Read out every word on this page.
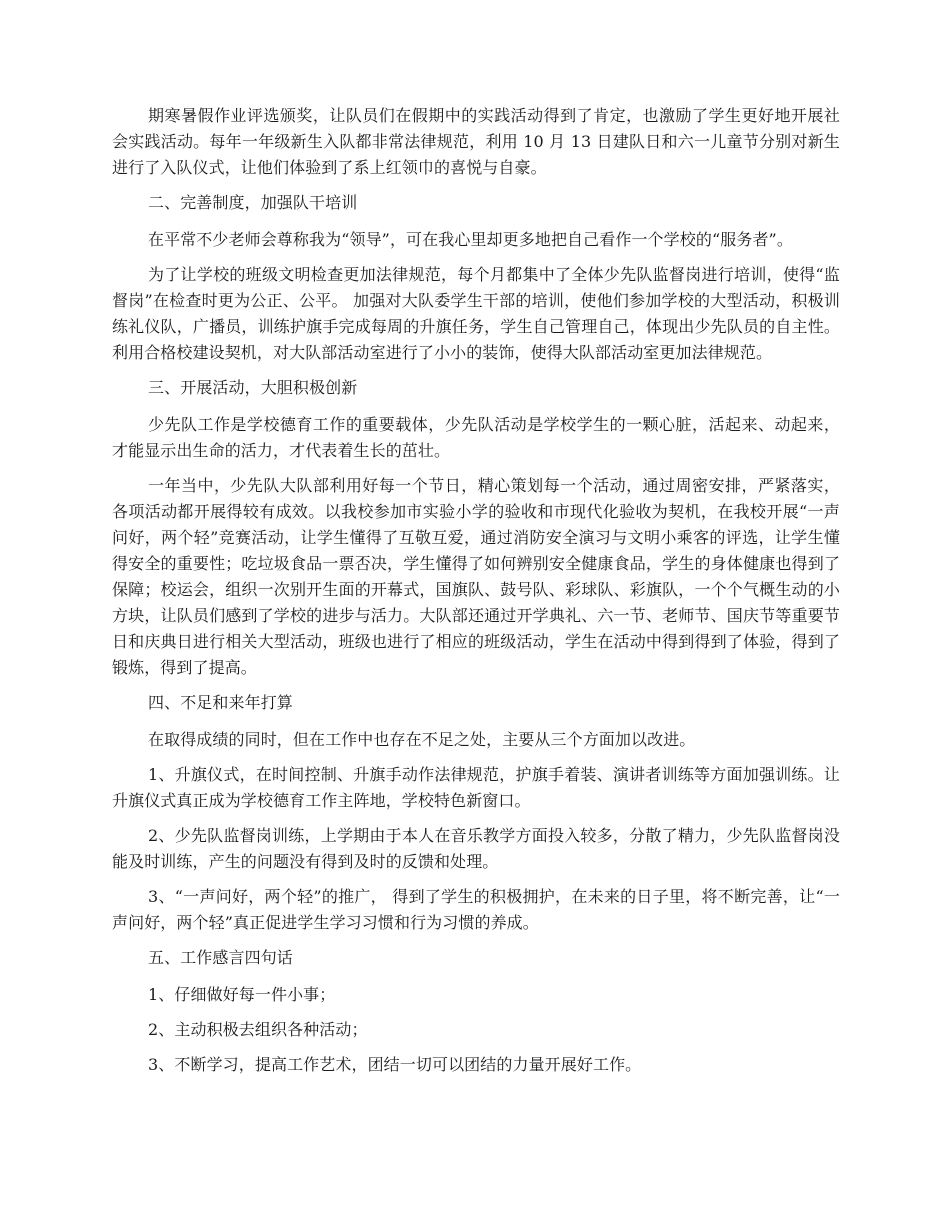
期寒暑假作业评选颁奖，让队员们在假期中的实践活动得到了肯定，也激励了学生更好地开展社会实践活动。每年一年级新生入队都非常法律规范，利用 10 月 13 日建队日和六一儿童节分别对新生进行了入队仪式，让他们体验到了系上红领巾的喜悦与自豪。

二、完善制度，加强队干培训

在平常不少老师会尊称我为“领导”，可在我心里却更多地把自己看作一个学校的“服务者”。

为了让学校的班级文明检查更加法律规范，每个月都集中了全体少先队监督岗进行培训，使得“监督岗”在检查时更为公正、公平。 加强对大队委学生干部的培训，使他们参加学校的大型活动，积极训练礼仪队，广播员，训练护旗手完成每周的升旗任务，学生自己管理自己，体现出少先队员的自主性。利用合格校建设契机，对大队部活动室进行了小小的装饰，使得大队部活动室更加法律规范。

三、开展活动，大胆积极创新

少先队工作是学校德育工作的重要载体，少先队活动是学校学生的一颗心脏，活起来、动起来，才能显示出生命的活力，才代表着生长的茁壮。

一年当中，少先队大队部利用好每一个节日，精心策划每一个活动，通过周密安排，严紧落实，各项活动都开展得较有成效。以我校参加市实验小学的验收和市现代化验收为契机，在我校开展“一声问好，两个轻”竞赛活动，让学生懂得了互敬互爱，通过消防安全演习与文明小乘客的评选，让学生懂得安全的重要性；吃垃圾食品一票否决，学生懂得了如何辨别安全健康食品，学生的身体健康也得到了保障；校运会，组织一次别开生面的开幕式，国旗队、鼓号队、彩球队、彩旗队，一个个气概生动的小方块，让队员们感到了学校的进步与活力。大队部还通过开学典礼、六一节、老师节、国庆节等重要节日和庆典日进行相关大型活动，班级也进行了相应的班级活动，学生在活动中得到得到了体验，得到了锻炼，得到了提高。

四、不足和来年打算

在取得成绩的同时，但在工作中也存在不足之处，主要从三个方面加以改进。

1、升旗仪式，在时间控制、升旗手动作法律规范，护旗手着装、演讲者训练等方面加强训练。让升旗仪式真正成为学校德育工作主阵地，学校特色新窗口。

2、少先队监督岗训练，上学期由于本人在音乐教学方面投入较多，分散了精力，少先队监督岗没能及时训练，产生的问题没有得到及时的反馈和处理。

3、“一声问好，两个轻”的推广， 得到了学生的积极拥护，在未来的日子里，将不断完善，让“一声问好，两个轻”真正促进学生学习习惯和行为习惯的养成。

五、工作感言四句话

1、仔细做好每一件小事；

2、主动积极去组织各种活动；

3、不断学习，提高工作艺术，团结一切可以团结的力量开展好工作。
